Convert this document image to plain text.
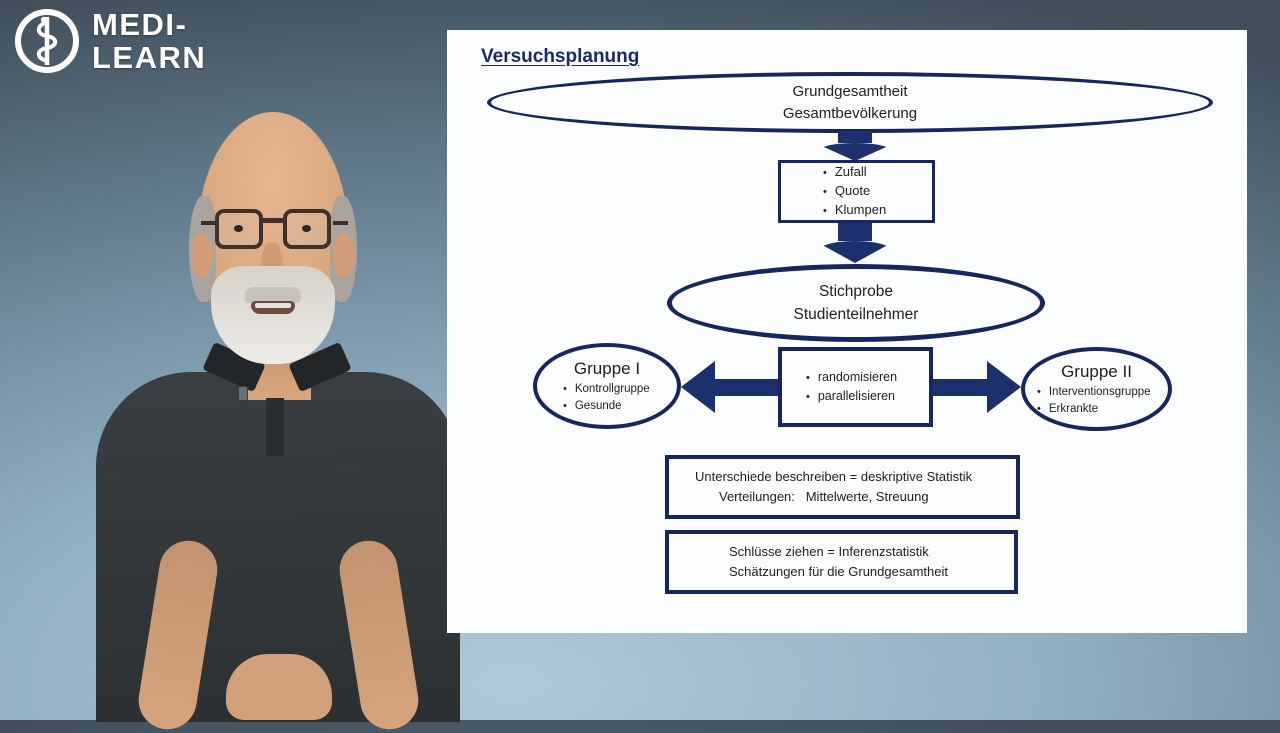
MEDI-
LEARN	Versuchsplanung
Grundgesamtheit
Gesamtbevölkerung
• Zufall
• Quote
• Klumpen
Stichprobe
Studienteilnehmer
Gruppe I
• Kontrollgruppe
• Gesunde
• randomisieren
• parallelisieren
Gruppe II
• Interventionsgruppe
• Erkrankte
Unterschiede beschreiben = deskriptive Statistik
Verteilungen:   Mittelwerte, Streuung
Schlüsse ziehen = Inferenzstatistik
Schätzungen für die Grundgesamtheit
